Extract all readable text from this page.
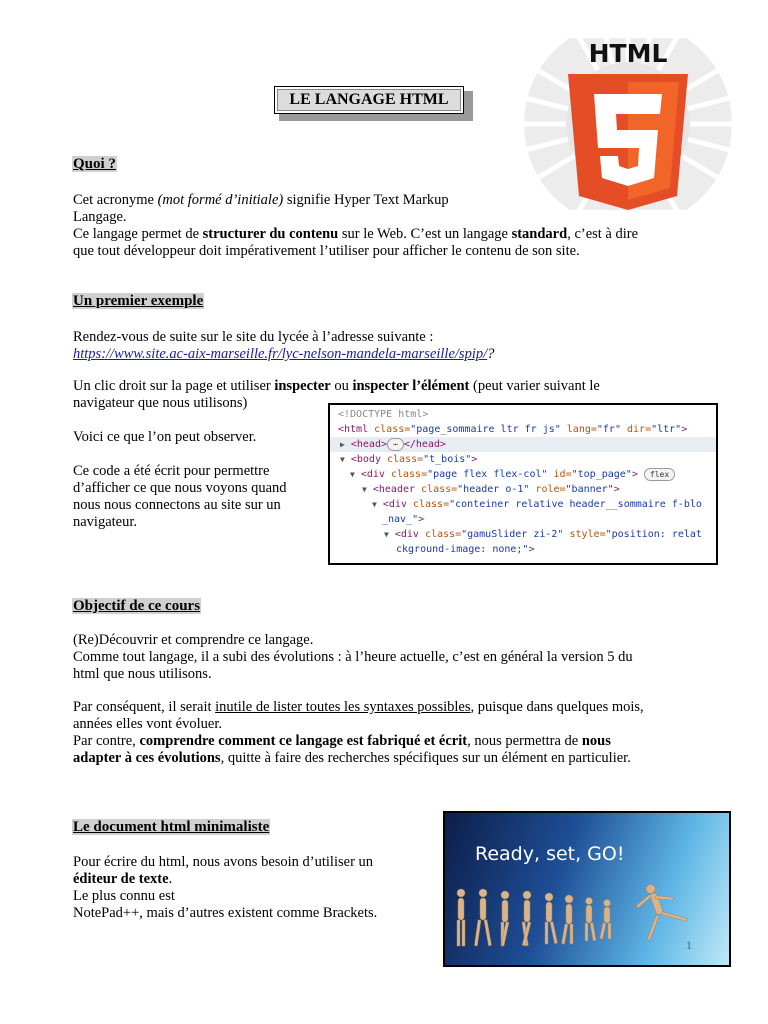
LE LANGAGE HTML
HTML
Quoi ?

Cet acronyme (mot formé d’initiale) signifie Hyper Text Markup

Langage.

Ce langage permet de structurer du contenu sur le Web. C’est un langage standard, c’est à dire

que tout développeur doit impérativement l’utiliser pour afficher le contenu de son site.

Un premier exemple

Rendez-vous de suite sur le site du lycée à l’adresse suivante :

https://www.site.ac-aix-marseille.fr/lyc-nelson-mandela-marseille/spip/?

Un clic droit sur la page et utiliser inspecter ou inspecter l’élément (peut varier suivant le

navigateur que nous utilisons)

Voici ce que l’on peut observer.

Ce code a été écrit pour permettre

d’afficher ce que nous voyons quand

nous nous connectons au site sur un

navigateur.

<!DOCTYPE html>
<html class="page_sommaire ltr fr js" lang="fr" dir="ltr">
▶ <head> ⋯ </head>
▼ <body class="t_bois">
▼ <div class="page flex flex-col" id="top_page"> flex
▼ <header class="header o-1" role="banner">
▼ <div class="conteiner relative header__sommaire f-blo
_nav_">
▼ <div class="gamuSlider zi-2" style="position: relat
ckground-image: none;">
Objectif de ce cours

(Re)Découvrir et comprendre ce langage.

Comme tout langage, il a subi des évolutions : à l’heure actuelle, c’est en général la version 5 du

html que nous utilisons.

Par conséquent, il serait inutile de lister toutes les syntaxes possibles, puisque dans quelques mois,

années elles vont évoluer.

Par contre, comprendre comment ce langage est fabriqué et écrit, nous permettra de nous

adapter à ces évolutions, quitte à faire des recherches spécifiques sur un élément en particulier.

Le document html minimaliste

Pour écrire du html, nous avons besoin d’utiliser un

éditeur de texte.

Le plus connu est

NotePad++, mais d’autres existent comme Brackets.

Ready, set, GO!
1
